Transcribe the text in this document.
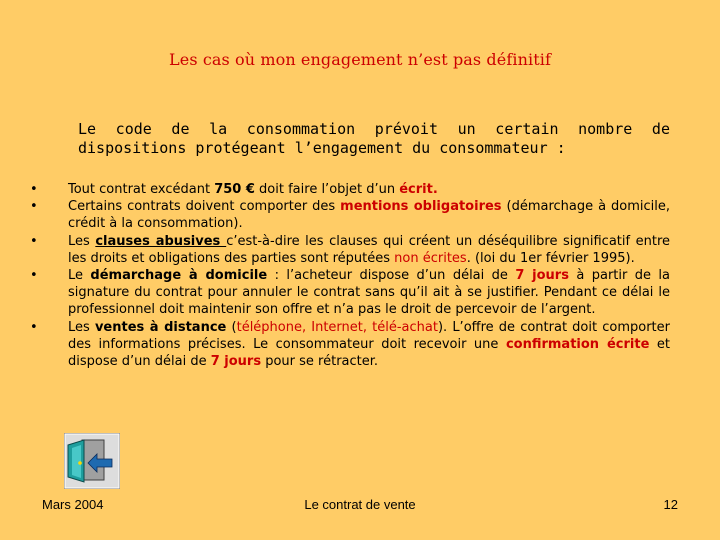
Les cas où mon engagement n’est pas définitif
Le code de la consommation prévoit un certain nombre de
dispositions protégeant l’engagement du consommateur :
• Tout contrat excédant 750 € doit faire l’objet d’un écrit.
• Certains contrats doivent comporter des mentions obligatoires (démarchage à domicile, crédit à la consommation).
• Les clauses abusives c’est-à-dire les clauses qui créent un déséquilibre significatif entre les droits et obligations des parties sont réputées non écrites. (loi du 1er février 1995).
• Le démarchage à domicile : l’acheteur dispose d’un délai de 7 jours à partir de la signature du contrat pour annuler le contrat sans qu’il ait à se justifier. Pendant ce délai le professionnel doit maintenir son offre et n’a pas le droit de percevoir de l’argent.
• Les ventes à distance (téléphone, Internet, télé-achat). L’offre de contrat doit comporter des informations précises. Le consommateur doit recevoir une confirmation écrite et dispose d’un délai de 7 jours pour se rétracter.
Mars 2004	Le contrat de vente	12
